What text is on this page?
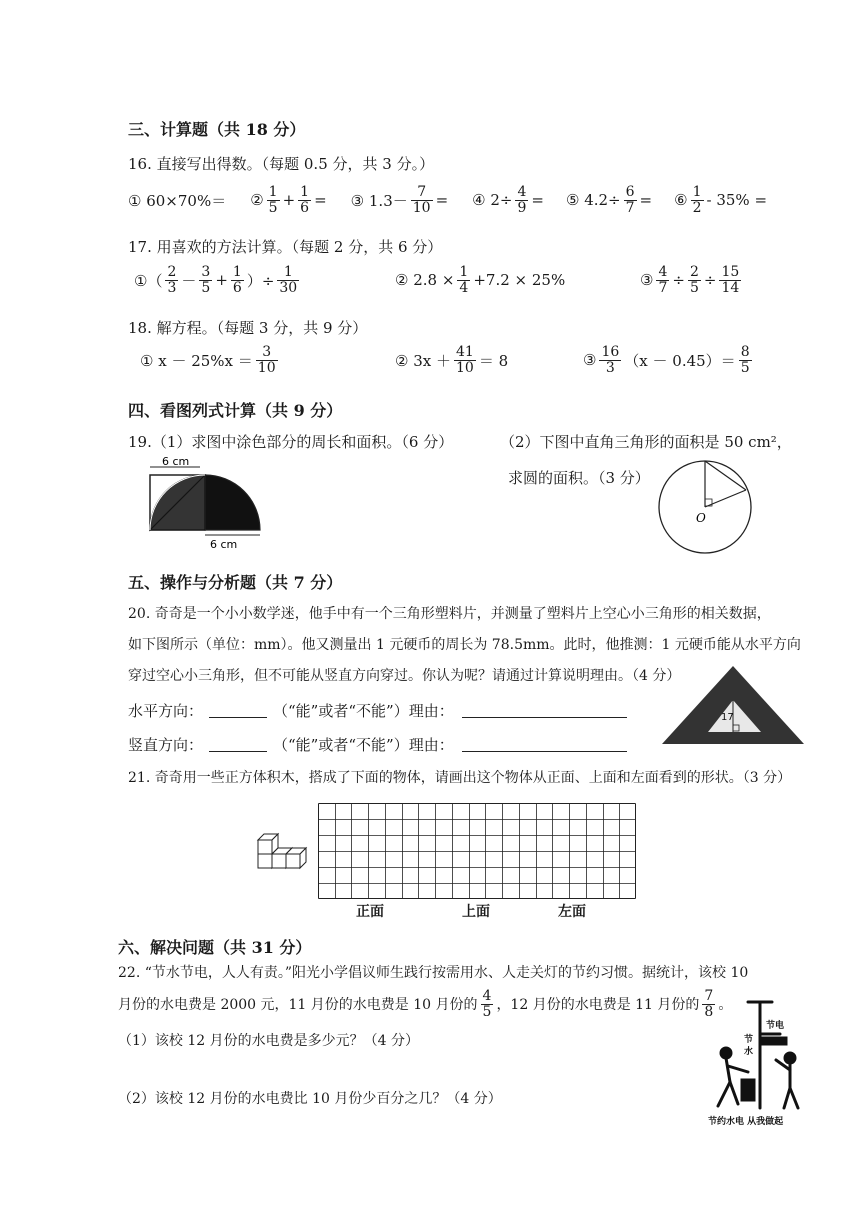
三、计算题（共 18 分）
16. 直接写出得数。（每题 0.5 分，共 3 分。）
① 60×70%＝ ② $\frac{1}{5} + \frac{1}{6}$ = ③ $1.3- \frac{7}{10}$ = ④ $2\div \frac{4}{9}$ = ⑤ $4.2\div \frac{6}{7}$ = ⑥ $\frac{1}{2} - 35\%$ =
17. 用喜欢的方法计算。（每题 2 分，共 6 分）
①（ $\frac{2}{3} - \frac{3}{5} + \frac{1}{6}$ ）÷ $\frac{1}{30}$	② $2.8 \times \frac{1}{4} +7.2 \times 25\%$	③ $\frac{4}{7} \div \frac{2}{5} \div \frac{15}{14}$
18. 解方程。（每题 3 分，共 9 分）
① $x - 25\%x = \frac{3}{10}$	② $3x + \frac{41}{10} = 8$	③ $\frac{16}{3} (x - 0.45)= \frac{8}{5}$
四、看图列式计算（共 9 分）
19.（1）求图中涂色部分的周长和面积。（6 分）	（2）下图中直角三角形的面积是 50 cm²，
求圆的面积。（3 分）
6 cm
6 cm
O
五、操作与分析题（共 7 分）
20. 奇奇是一个小小数学迷，他手中有一个三角形塑料片，并测量了塑料片上空心小三角形的相关数据，
如下图所示（单位：mm）。他又测量出 1 元硬币的周长为 78.5mm。此时，他推测：1 元硬币能从水平方向
穿过空心小三角形，但不可能从竖直方向穿过。你认为呢？请通过计算说明理由。（4 分）
水平方向：	（“能”或者“不能”）理由：
竖直方向：	（“能”或者“不能”）理由：
17
21. 奇奇用一些正方体积木，搭成了下面的物体，请画出这个物体从正面、上面和左面看到的形状。（3 分）
正面	上面	左面
六、解决问题（共 31 分）
22. “节水节电，人人有责。”阳光小学倡议师生践行按需用水、人走关灯的节约习惯。据统计，该校 10
月份的水电费是 2000 元，11 月份的水电费是 10 月份的 $\frac{4}{5}$ ，12 月份的水电费是 11 月份的 $\frac{7}{8}$ 。
（1）该校 12 月份的水电费是多少元？（4 分）
（2）该校 12 月份的水电费比 10 月份少百分之几？（4 分）
节电
节
水
节约水电 从我做起
